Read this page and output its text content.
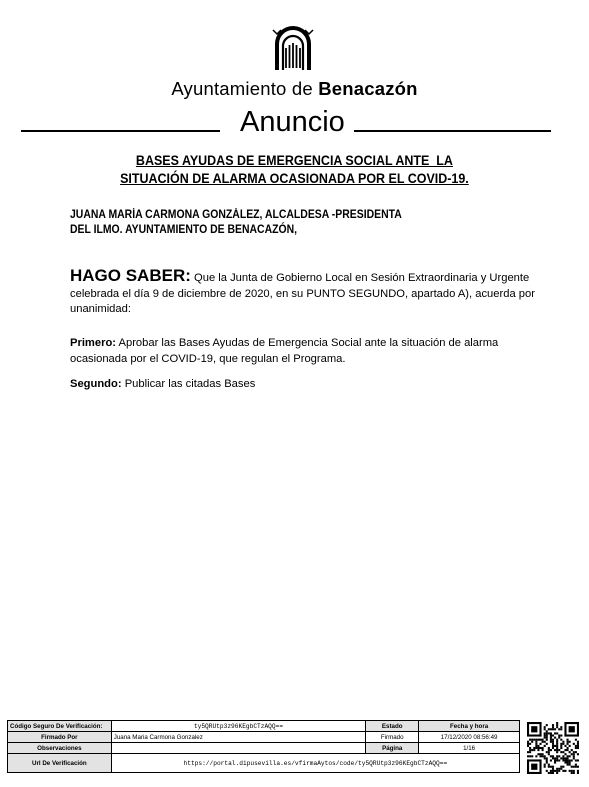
Ayuntamiento de Benacazón
Anuncio
BASES AYUDAS DE EMERGENCIA SOCIAL ANTE  LA
SITUACIÓN DE ALARMA OCASIONADA POR EL COVID-19.
JUANA MARÍA CARMONA GONZÁLEZ, ALCALDESA -PRESIDENTA
DEL ILMO. AYUNTAMIENTO DE BENACAZÓN,
HAGO SABER: Que la Junta de Gobierno Local en Sesión Extraordinaria y Urgente celebrada el día 9 de diciembre de 2020, en su PUNTO SEGUNDO, apartado A), acuerda por unanimidad:
Primero: Aprobar las Bases Ayudas de Emergencia Social ante la situación de alarma ocasionada por el COVID-19, que regulan el Programa.
Segundo: Publicar las citadas Bases
Código Seguro De Verificación:	ty5QRUtp3z96KEgbCTzAQQ==	Estado	Fecha y hora
Firmado Por	Juana Maria Carmona Gonzalez	Firmado	17/12/2020 08:56:49
Observaciones		Página	1/16
Url De Verificación	https://portal.dipusevilla.es/vfirmaAytos/code/ty5QRUtp3z96KEgbCTzAQQ==		
